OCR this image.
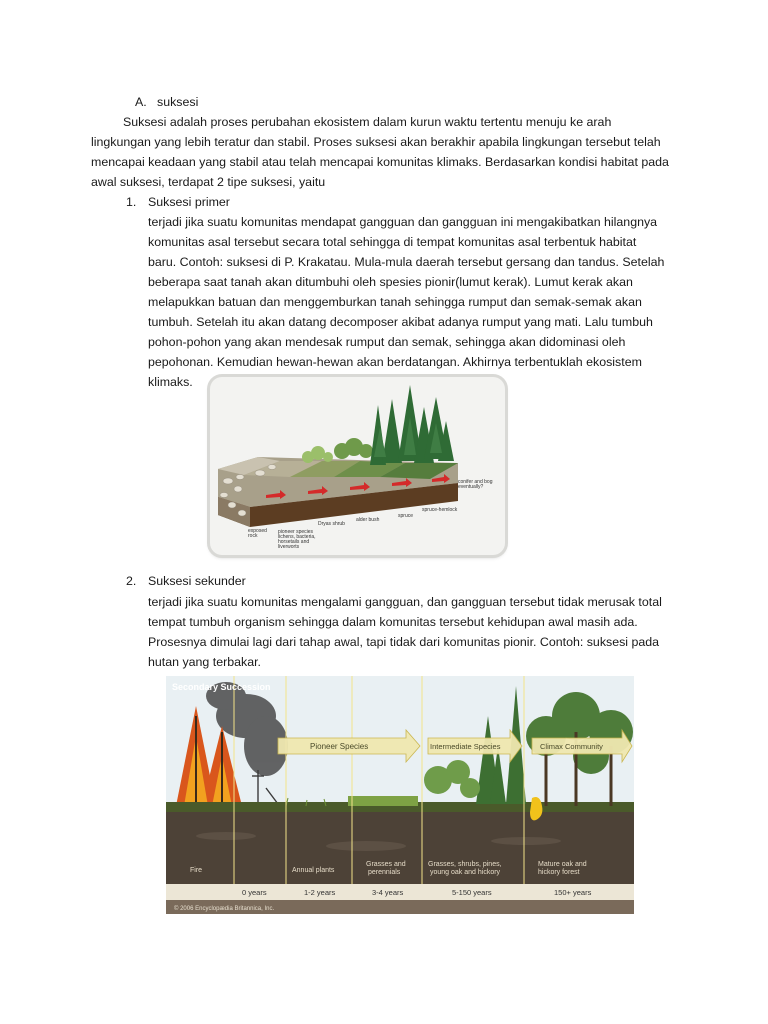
A. suksesi
Suksesi adalah proses perubahan ekosistem dalam kurun waktu tertentu menuju ke arah
lingkungan yang lebih teratur dan stabil. Proses suksesi akan berakhir apabila lingkungan tersebut telah
mencapai keadaan yang stabil atau telah mencapai komunitas klimaks. Berdasarkan kondisi habitat pada
awal suksesi, terdapat 2 tipe suksesi, yaitu
1. Suksesi primer
terjadi jika suatu komunitas mendapat gangguan dan gangguan ini mengakibatkan hilangnya
komunitas asal tersebut secara total sehingga di tempat komunitas asal terbentuk habitat
baru. Contoh: suksesi di P. Krakatau. Mula-mula daerah tersebut gersang dan tandus. Setelah
beberapa saat tanah akan ditumbuhi oleh spesies pionir(lumut kerak). Lumut kerak akan
melapukkan batuan dan menggemburkan tanah sehingga rumput dan semak-semak akan
tumbuh. Setelah itu akan datang decomposer akibat adanya rumput yang mati. Lalu tumbuh
pohon-pohon yang akan mendesak rumput dan semak, sehingga akan didominasi oleh
pepohonan. Kemudian hewan-hewan akan berdatangan. Akhirnya terbentuklah ekosistem
klimaks.
exposed
rock
pioneer species
lichens, bacteria,
horsetails and
liverworts
Dryas shrub
alder bush
spruce
spruce-hemlock
conifer and bog
eventually?
2. Suksesi sekunder
terjadi jika suatu komunitas mengalami gangguan, dan gangguan tersebut tidak merusak total
tempat tumbuh organism sehingga dalam komunitas tersebut kehidupan awal masih ada.
Prosesnya dimulai lagi dari tahap awal, tapi tidak dari komunitas pionir. Contoh: suksesi pada
hutan yang terbakar.
Secondary Succession
Pioneer Species	Intermediate Species	Climax Community
Fire	Annual plants
Grasses and
perennials
Grasses, shrubs, pines,
young oak and hickory
Mature oak and
hickory forest
0 years	1-2 years	3-4 years	5-150 years	150+ years
© 2006 Encyclopædia Britannica, Inc.
